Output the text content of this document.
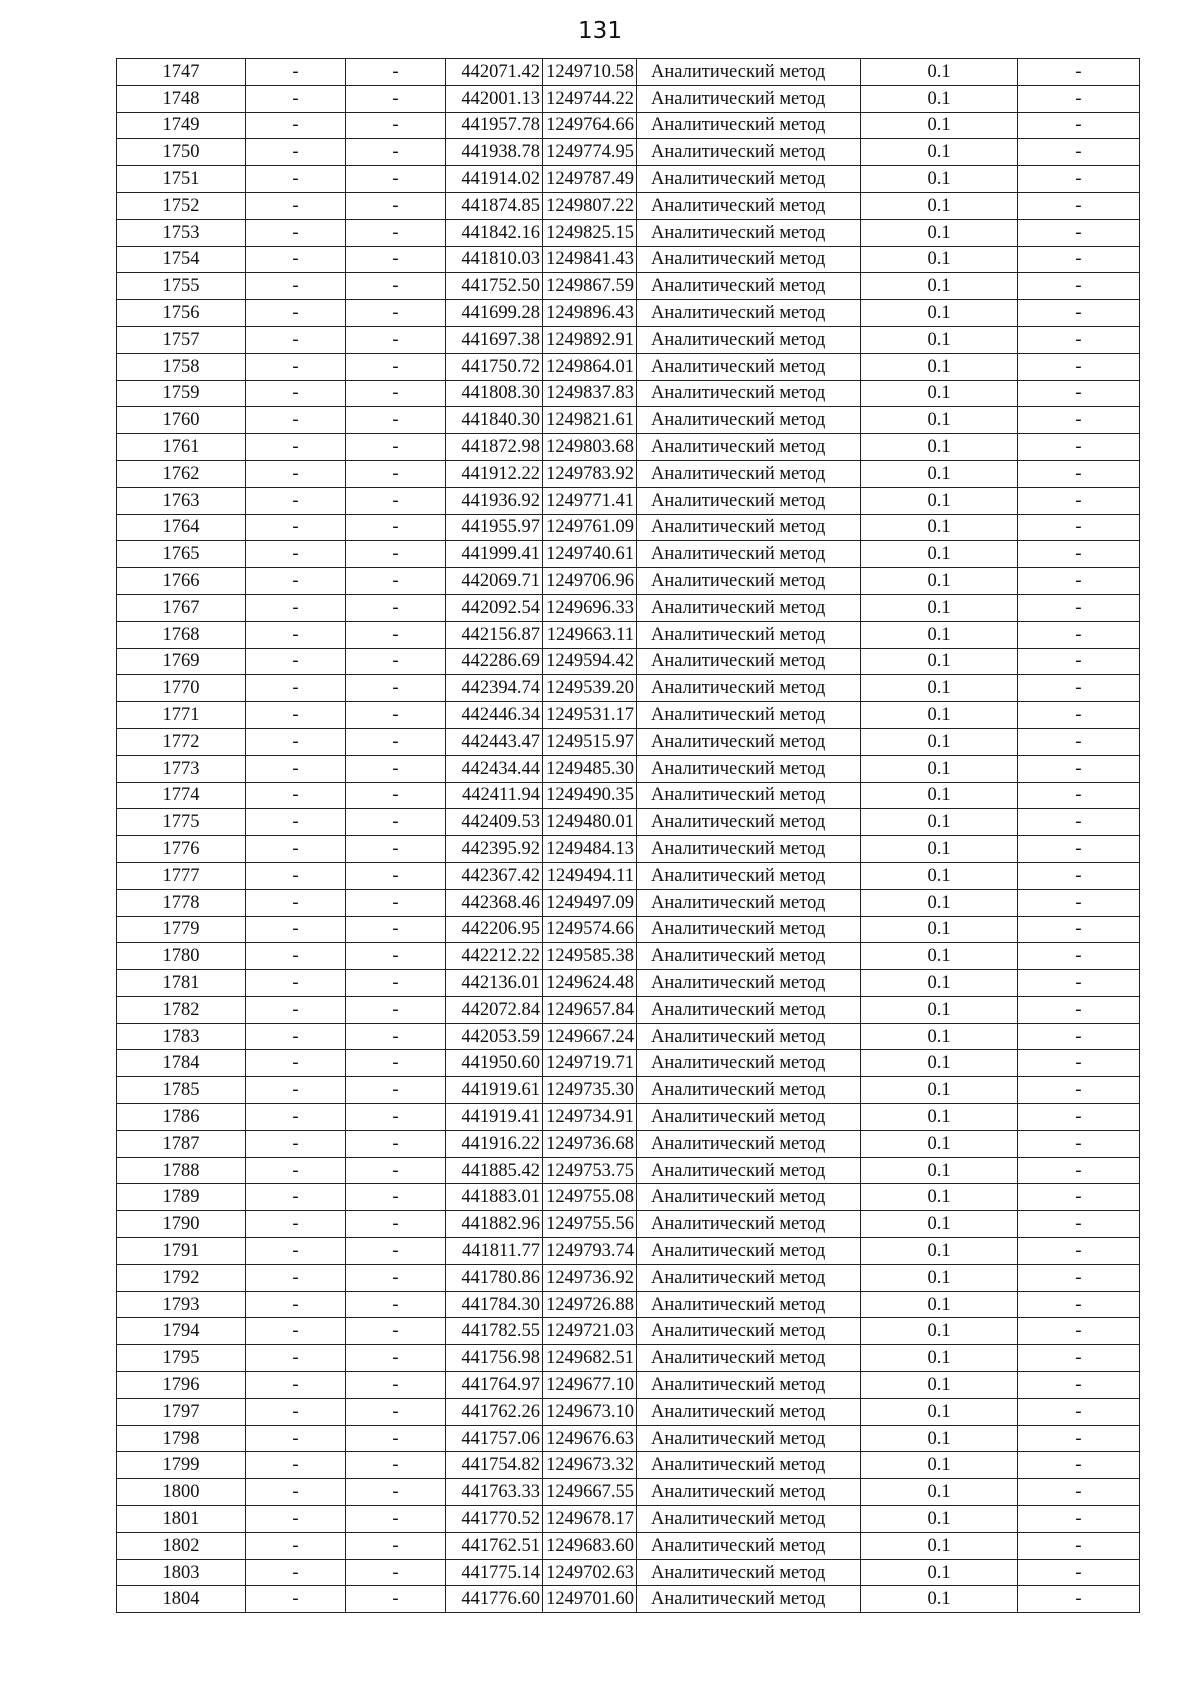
131
1747	-	-	442071.42	1249710.58	Аналитический метод	0.1	-
1748	-	-	442001.13	1249744.22	Аналитический метод	0.1	-
1749	-	-	441957.78	1249764.66	Аналитический метод	0.1	-
1750	-	-	441938.78	1249774.95	Аналитический метод	0.1	-
1751	-	-	441914.02	1249787.49	Аналитический метод	0.1	-
1752	-	-	441874.85	1249807.22	Аналитический метод	0.1	-
1753	-	-	441842.16	1249825.15	Аналитический метод	0.1	-
1754	-	-	441810.03	1249841.43	Аналитический метод	0.1	-
1755	-	-	441752.50	1249867.59	Аналитический метод	0.1	-
1756	-	-	441699.28	1249896.43	Аналитический метод	0.1	-
1757	-	-	441697.38	1249892.91	Аналитический метод	0.1	-
1758	-	-	441750.72	1249864.01	Аналитический метод	0.1	-
1759	-	-	441808.30	1249837.83	Аналитический метод	0.1	-
1760	-	-	441840.30	1249821.61	Аналитический метод	0.1	-
1761	-	-	441872.98	1249803.68	Аналитический метод	0.1	-
1762	-	-	441912.22	1249783.92	Аналитический метод	0.1	-
1763	-	-	441936.92	1249771.41	Аналитический метод	0.1	-
1764	-	-	441955.97	1249761.09	Аналитический метод	0.1	-
1765	-	-	441999.41	1249740.61	Аналитический метод	0.1	-
1766	-	-	442069.71	1249706.96	Аналитический метод	0.1	-
1767	-	-	442092.54	1249696.33	Аналитический метод	0.1	-
1768	-	-	442156.87	1249663.11	Аналитический метод	0.1	-
1769	-	-	442286.69	1249594.42	Аналитический метод	0.1	-
1770	-	-	442394.74	1249539.20	Аналитический метод	0.1	-
1771	-	-	442446.34	1249531.17	Аналитический метод	0.1	-
1772	-	-	442443.47	1249515.97	Аналитический метод	0.1	-
1773	-	-	442434.44	1249485.30	Аналитический метод	0.1	-
1774	-	-	442411.94	1249490.35	Аналитический метод	0.1	-
1775	-	-	442409.53	1249480.01	Аналитический метод	0.1	-
1776	-	-	442395.92	1249484.13	Аналитический метод	0.1	-
1777	-	-	442367.42	1249494.11	Аналитический метод	0.1	-
1778	-	-	442368.46	1249497.09	Аналитический метод	0.1	-
1779	-	-	442206.95	1249574.66	Аналитический метод	0.1	-
1780	-	-	442212.22	1249585.38	Аналитический метод	0.1	-
1781	-	-	442136.01	1249624.48	Аналитический метод	0.1	-
1782	-	-	442072.84	1249657.84	Аналитический метод	0.1	-
1783	-	-	442053.59	1249667.24	Аналитический метод	0.1	-
1784	-	-	441950.60	1249719.71	Аналитический метод	0.1	-
1785	-	-	441919.61	1249735.30	Аналитический метод	0.1	-
1786	-	-	441919.41	1249734.91	Аналитический метод	0.1	-
1787	-	-	441916.22	1249736.68	Аналитический метод	0.1	-
1788	-	-	441885.42	1249753.75	Аналитический метод	0.1	-
1789	-	-	441883.01	1249755.08	Аналитический метод	0.1	-
1790	-	-	441882.96	1249755.56	Аналитический метод	0.1	-
1791	-	-	441811.77	1249793.74	Аналитический метод	0.1	-
1792	-	-	441780.86	1249736.92	Аналитический метод	0.1	-
1793	-	-	441784.30	1249726.88	Аналитический метод	0.1	-
1794	-	-	441782.55	1249721.03	Аналитический метод	0.1	-
1795	-	-	441756.98	1249682.51	Аналитический метод	0.1	-
1796	-	-	441764.97	1249677.10	Аналитический метод	0.1	-
1797	-	-	441762.26	1249673.10	Аналитический метод	0.1	-
1798	-	-	441757.06	1249676.63	Аналитический метод	0.1	-
1799	-	-	441754.82	1249673.32	Аналитический метод	0.1	-
1800	-	-	441763.33	1249667.55	Аналитический метод	0.1	-
1801	-	-	441770.52	1249678.17	Аналитический метод	0.1	-
1802	-	-	441762.51	1249683.60	Аналитический метод	0.1	-
1803	-	-	441775.14	1249702.63	Аналитический метод	0.1	-
1804	-	-	441776.60	1249701.60	Аналитический метод	0.1	-
